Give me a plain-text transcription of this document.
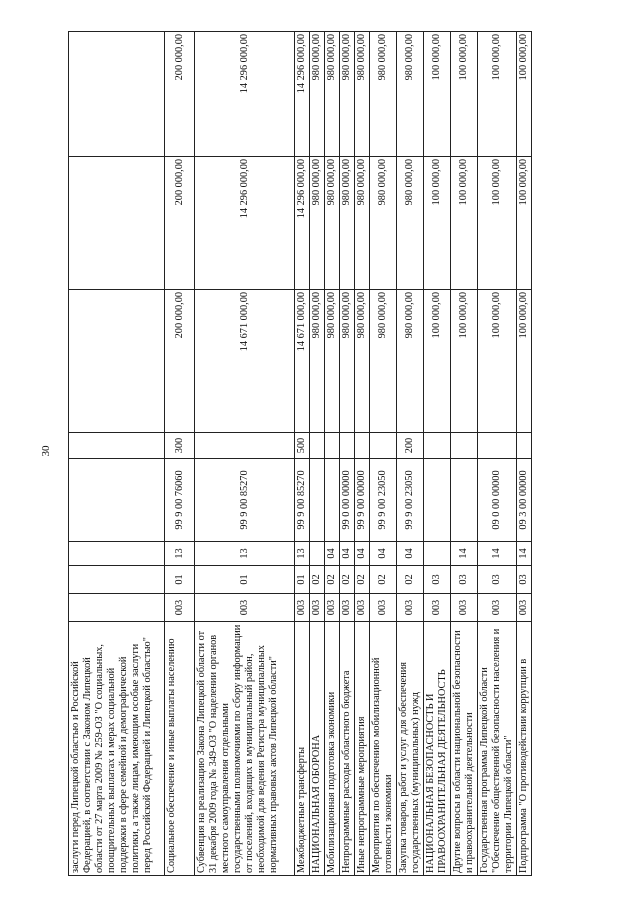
30
заслуги перед Липецкой областью и Российской Федерацией, в соответствии с Законом Липецкой области от 27 марта 2009 № 259-ОЗ "О социальных, поощрительных выплатах и мерах социальной поддержки в сфере семейной и демографической политики, а также лицам, имеющим особые заслуги перед Российской Федерацией и Липецкой областью"								
Социальное обеспечение и иные выплаты населению	003	01	13	99 9 00 76060	300	200 000,00	200 000,00	200 000,00
Субвенция на реализацию Закона Липецкой области от 31 декабря 2009 года № 349-ОЗ "О наделении органов местного самоуправления отдельными государственными полномочиями по сбору информации от поселений, входящих в муниципальный район, необходимой для ведения Регистра муниципальных нормативных правовых актов Липецкой области"	003	01	13	99 9 00 85270		14 671 000,00	14 296 000,00	14 296 000,00
Межбюджетные трансферты	003	01	13	99 9 00 85270	500	14 671 000,00	14 296 000,00	14 296 000,00
НАЦИОНАЛЬНАЯ ОБОРОНА	003	02				980 000,00	980 000,00	980 000,00
Мобилизационная подготовка экономики	003	02	04			980 000,00	980 000,00	980 000,00
Непрограммные расходы областного бюджета	003	02	04	99 0 00 00000		980 000,00	980 000,00	980 000,00
Иные непрограммные мероприятия	003	02	04	99 9 00 00000		980 000,00	980 000,00	980 000,00
Мероприятия по обеспечению мобилизационной готовности экономики	003	02	04	99 9 00 23050		980 000,00	980 000,00	980 000,00
Закупка товаров, работ и услуг для обеспечения государственных (муниципальных) нужд	003	02	04	99 9 00 23050	200	980 000,00	980 000,00	980 000,00
НАЦИОНАЛЬНАЯ БЕЗОПАСНОСТЬ И ПРАВООХРАНИТЕЛЬНАЯ ДЕЯТЕЛЬНОСТЬ	003	03				100 000,00	100 000,00	100 000,00
Другие вопросы в области национальной безопасности и правоохранительной деятельности	003	03	14			100 000,00	100 000,00	100 000,00
Государственная программа Липецкой области "Обеспечение общественной безопасности населения и территории Липецкой области"	003	03	14	09 0 00 00000		100 000,00	100 000,00	100 000,00
Подпрограмма "О противодействии коррупции в	003	03	14	09 3 00 00000		100 000,00	100 000,00	100 000,00
